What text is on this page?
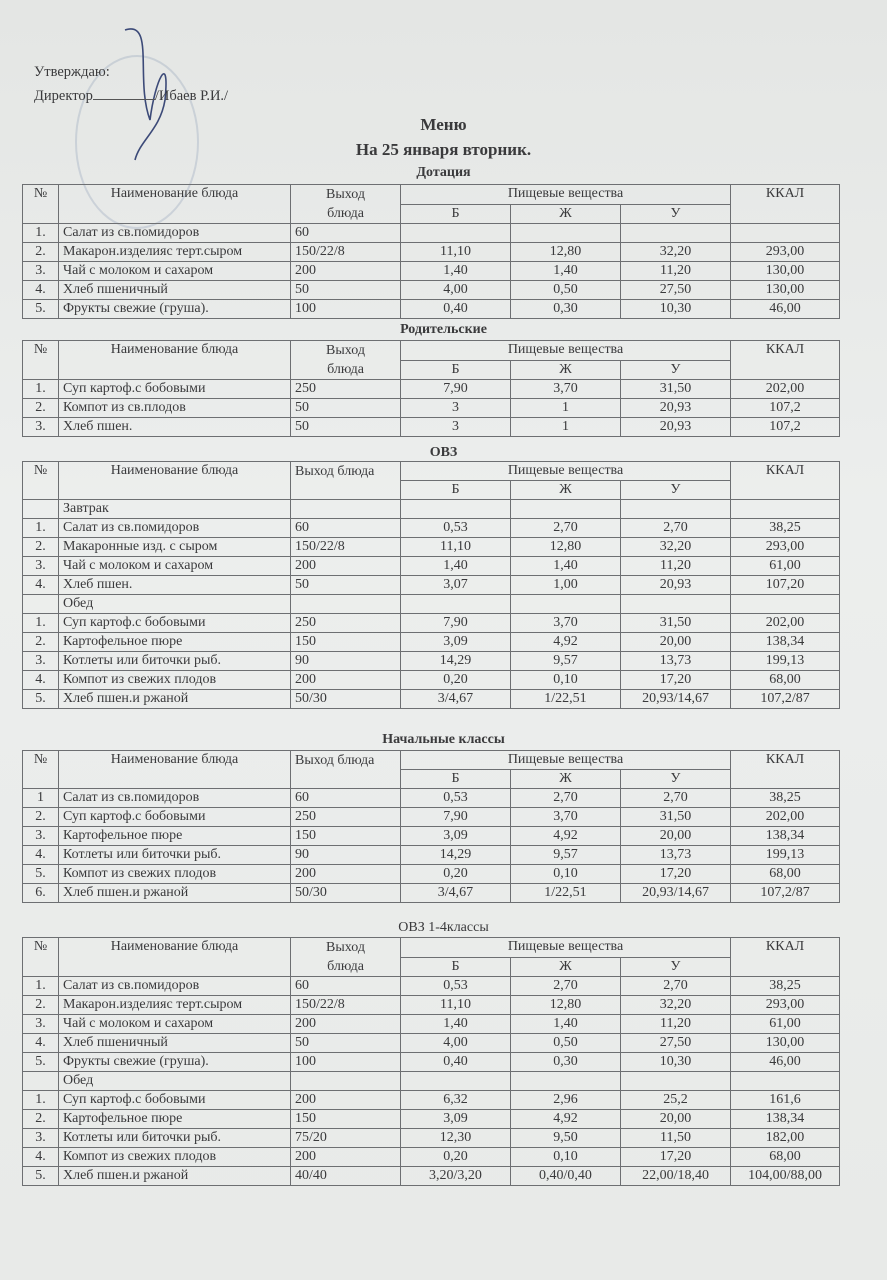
Утверждаю:
Директор	/Ибаев Р.И./
Меню
На 25 января вторник.
Дотация
№	Наименование блюда	Выход блюда	Пищевые вещества			ККАЛ
			Б	Ж	У	
1.	Салат из св.помидоров	60				
2.	Макарон.изделияс терт.сыром	150/22/8	11,10	12,80	32,20	293,00
3.	Чай с молоком и сахаром	200	1,40	1,40	11,20	130,00
4.	Хлеб пшеничный	50	4,00	0,50	27,50	130,00
5.	Фрукты свежие (груша).	100	0,40	0,30	10,30	46,00
Родительские
№	Наименование блюда	Выход блюда	Пищевые вещества			ККАЛ
			Б	Ж	У	
1.	Суп картоф.с бобовыми	250	7,90	3,70	31,50	202,00
2.	Компот из св.плодов	50	3	1	20,93	107,2
3.	Хлеб пшен.	50	3	1	20,93	107,2
ОВЗ
№	Наименование блюда	Выход блюда	Пищевые вещества			ККАЛ
			Б	Ж	У	
	Завтрак					
1.	Салат из св.помидоров	60	0,53	2,70	2,70	38,25
2.	Макаронные изд. с сыром	150/22/8	11,10	12,80	32,20	293,00
3.	Чай с молоком и сахаром	200	1,40	1,40	11,20	61,00
4.	Хлеб пшен.	50	3,07	1,00	20,93	107,20
	Обед					
1.	Суп картоф.с бобовыми	250	7,90	3,70	31,50	202,00
2.	Картофельное пюре	150	3,09	4,92	20,00	138,34
3.	Котлеты или биточки рыб.	90	14,29	9,57	13,73	199,13
4.	Компот из свежих плодов	200	0,20	0,10	17,20	68,00
5.	Хлеб пшен.и ржаной	50/30	3/4,67	1/22,51	20,93/14,67	107,2/87
Начальные классы
№	Наименование блюда	Выход блюда	Пищевые вещества			ККАЛ
			Б	Ж	У	
1	Салат из св.помидоров	60	0,53	2,70	2,70	38,25
2.	Суп картоф.с бобовыми	250	7,90	3,70	31,50	202,00
3.	Картофельное пюре	150	3,09	4,92	20,00	138,34
4.	Котлеты или биточки рыб.	90	14,29	9,57	13,73	199,13
5.	Компот из свежих плодов	200	0,20	0,10	17,20	68,00
6.	Хлеб пшен.и ржаной	50/30	3/4,67	1/22,51	20,93/14,67	107,2/87
ОВЗ 1-4классы
№	Наименование блюда	Выход блюда	Пищевые вещества			ККАЛ
			Б	Ж	У	
1.	Салат из св.помидоров	60	0,53	2,70	2,70	38,25
2.	Макарон.изделияс терт.сыром	150/22/8	11,10	12,80	32,20	293,00
3.	Чай с молоком и сахаром	200	1,40	1,40	11,20	61,00
4.	Хлеб пшеничный	50	4,00	0,50	27,50	130,00
5.	Фрукты свежие (груша).	100	0,40	0,30	10,30	46,00
	Обед					
1.	Суп картоф.с бобовыми	200	6,32	2,96	25,2	161,6
2.	Картофельное пюре	150	3,09	4,92	20,00	138,34
3.	Котлеты или биточки рыб.	75/20	12,30	9,50	11,50	182,00
4.	Компот из свежих плодов	200	0,20	0,10	17,20	68,00
5.	Хлеб пшен.и ржаной	40/40	3,20/3,20	0,40/0,40	22,00/18,40	104,00/88,00
